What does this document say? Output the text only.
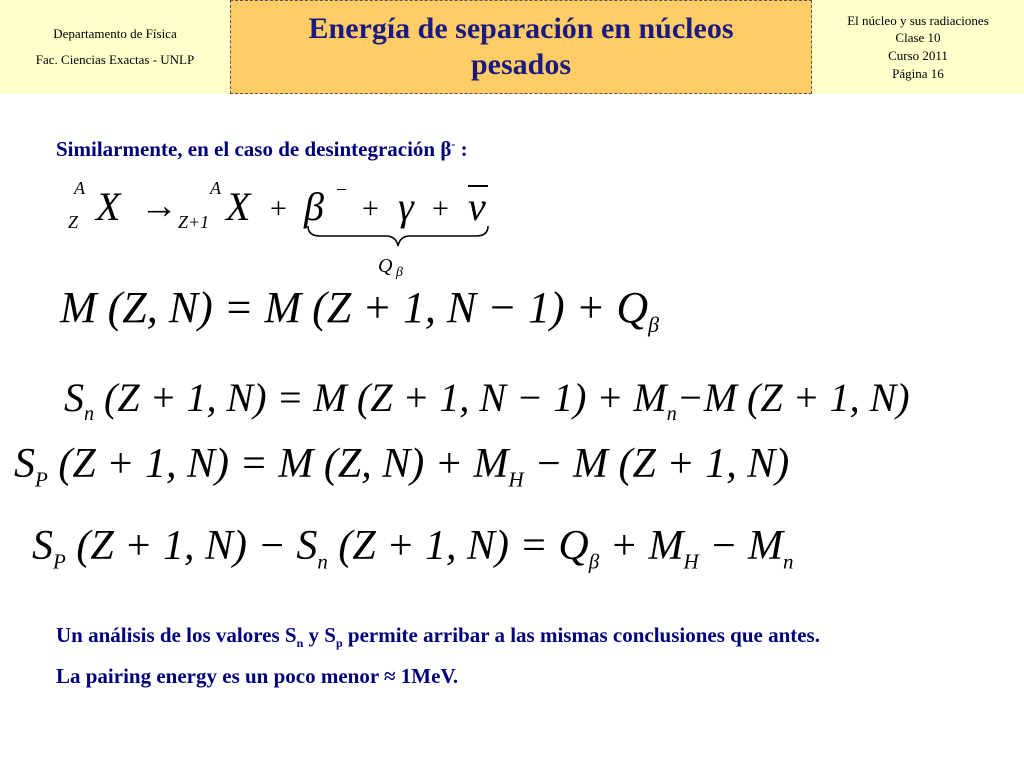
Departamento de Física
Fac. Ciencias Exactas - UNLP
Energía de separación en núcleos pesados
El núcleo y sus radiaciones
Clase 10
Curso 2011
Página 16
Similarmente, en el caso de desintegración β- :
A
Z X → A
Z+1 X + β −
+ γ + ν
Q β
M (Z, N) = M (Z + 1, $N - 1) + Q_\beta$
$S_n$ (Z + 1, N) = M (Z + 1, $N - 1) + M_n-M$ (Z + 1, N)
$S_P$ (Z + 1, N) = M (Z, $N) + M_H - M$ (Z + 1, N)
$S_P$ (Z + 1, $N) - S_n$ (Z + 1, $N) = Q_\beta + M_H - M_n$
Un análisis de los valores $S_n$ y $S_p$ permite arribar a las mismas conclusiones que antes.
La pairing energy es un poco menor ≈ 1MeV.
